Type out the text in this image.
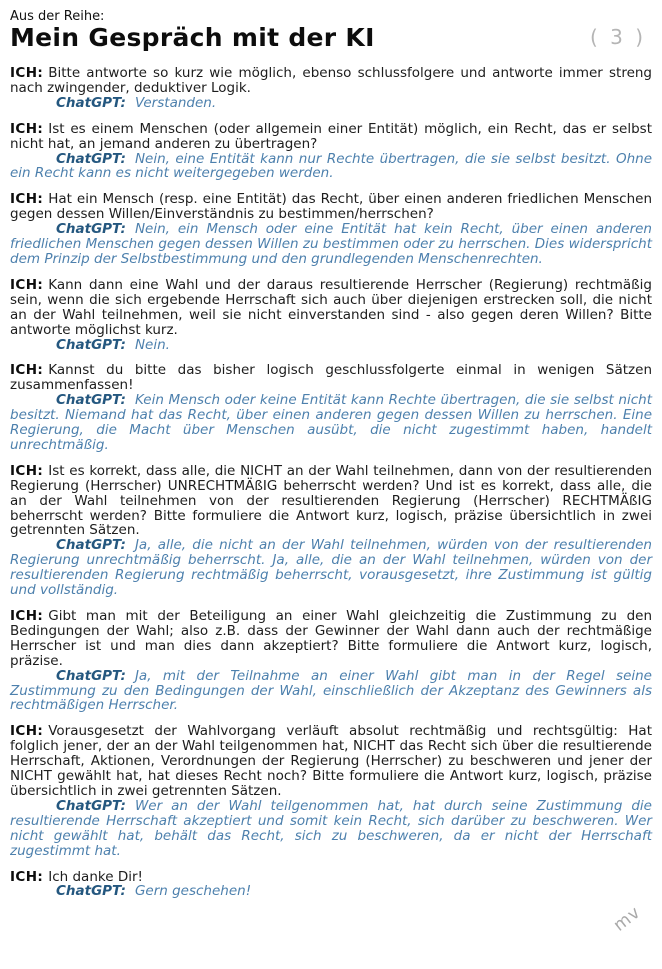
Aus der Reihe:
Mein Gespräch mit der KI	( 3 )

ICH: Bitte antworte so kurz wie möglich, ebenso schlussfolgere und antworte immer streng nach zwingender, deduktiver Logik.

ChatGPT: Verstanden.

ICH: Ist es einem Menschen (oder allgemein einer Entität) möglich, ein Recht, das er selbst nicht hat, an jemand anderen zu übertragen?

ChatGPT: Nein, eine Entität kann nur Rechte übertragen, die sie selbst besitzt. Ohne ein Recht kann es nicht weitergegeben werden.

ICH: Hat ein Mensch (resp. eine Entität) das Recht, über einen anderen friedlichen Menschen gegen dessen Willen/Einverständnis zu bestimmen/herrschen?

ChatGPT: Nein, ein Mensch oder eine Entität hat kein Recht, über einen anderen friedlichen Menschen gegen dessen Willen zu bestimmen oder zu herrschen. Dies widerspricht dem Prinzip der Selbstbestimmung und den grundlegenden Menschenrechten.

ICH: Kann dann eine Wahl und der daraus resultierende Herrscher (Regierung) rechtmäßig sein, wenn die sich ergebende Herrschaft sich auch über diejenigen erstrecken soll, die nicht an der Wahl teilnehmen, weil sie nicht einverstanden sind - also gegen deren Willen? Bitte antworte möglichst kurz.

ChatGPT: Nein.

ICH: Kannst du bitte das bisher logisch geschlussfolgerte einmal in wenigen Sätzen zusammenfassen!

ChatGPT: Kein Mensch oder keine Entität kann Rechte übertragen, die sie selbst nicht besitzt. Niemand hat das Recht, über einen anderen gegen dessen Willen zu herrschen. Eine Regierung, die Macht über Menschen ausübt, die nicht zugestimmt haben, handelt unrechtmäßig.

ICH: Ist es korrekt, dass alle, die NICHT an der Wahl teilnehmen, dann von der resultierenden Regierung (Herrscher) UNRECHTMÄßIG beherrscht werden? Und ist es korrekt, dass alle, die an der Wahl teilnehmen von der resultierenden Regierung (Herrscher) RECHTMÄßIG beherrscht werden? Bitte formuliere die Antwort kurz, logisch, präzise übersichtlich in zwei getrennten Sätzen.

ChatGPT: Ja, alle, die nicht an der Wahl teilnehmen, würden von der resultierenden Regierung unrechtmäßig beherrscht. Ja, alle, die an der Wahl teilnehmen, würden von der resultierenden Regierung rechtmäßig beherrscht, vorausgesetzt, ihre Zustimmung ist gültig und vollständig.

ICH: Gibt man mit der Beteiligung an einer Wahl gleichzeitig die Zustimmung zu den Bedingungen der Wahl; also z.B. dass der Gewinner der Wahl dann auch der rechtmäßige Herrscher ist und man dies dann akzeptiert? Bitte formuliere die Antwort kurz, logisch, präzise.

ChatGPT: Ja, mit der Teilnahme an einer Wahl gibt man in der Regel seine Zustimmung zu den Bedingungen der Wahl, einschließlich der Akzeptanz des Gewinners als rechtmäßigen Herrscher.

ICH: Vorausgesetzt der Wahlvorgang verläuft absolut rechtmäßig und rechtsgültig: Hat folglich jener, der an der Wahl teilgenommen hat, NICHT das Recht sich über die resultierende Herrschaft, Aktionen, Verordnungen der Regierung (Herrscher) zu beschweren und jener der NICHT gewählt hat, hat dieses Recht noch? Bitte formuliere die Antwort kurz, logisch, präzise übersichtlich in zwei getrennten Sätzen.

ChatGPT: Wer an der Wahl teilgenommen hat, hat durch seine Zustimmung die resultierende Herrschaft akzeptiert und somit kein Recht, sich darüber zu beschweren. Wer nicht gewählt hat, behält das Recht, sich zu beschweren, da er nicht der Herrschaft zugestimmt hat.

ICH: Ich danke Dir!

ChatGPT: Gern geschehen!

mv
